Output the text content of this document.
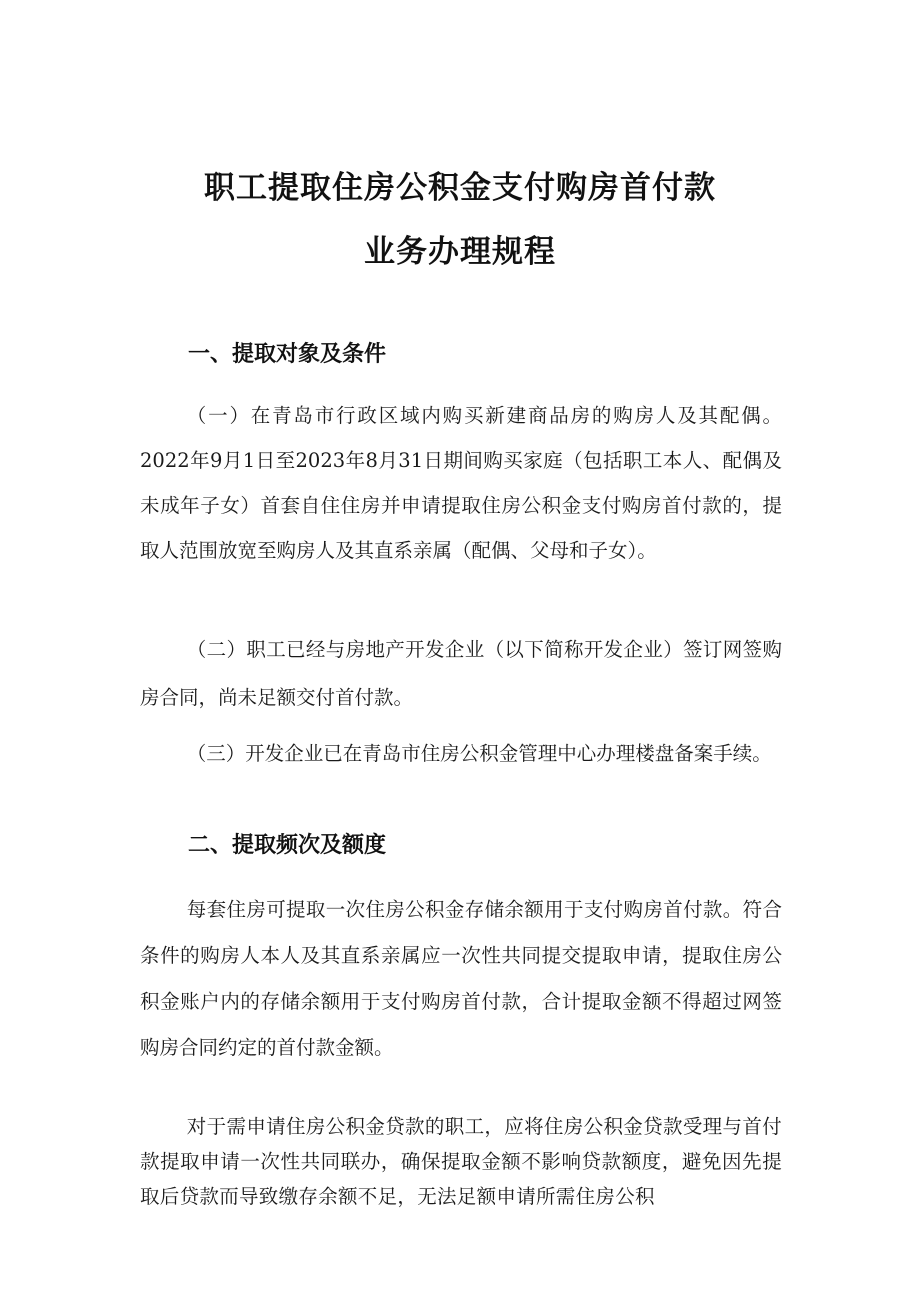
职工提取住房公积金支付购房首付款
业务办理规程
一、提取对象及条件
（一）在青岛市行政区域内购买新建商品房的购房人及其配偶。2022年9月1日至2023年8月31日期间购买家庭（包括职工本人、配偶及未成年子女）首套自住住房并申请提取住房公积金支付购房首付款的，提取人范围放宽至购房人及其直系亲属（配偶、父母和子女）。
（二）职工已经与房地产开发企业（以下简称开发企业）签订网签购房合同，尚未足额交付首付款。
（三）开发企业已在青岛市住房公积金管理中心办理楼盘备案手续。
二、提取频次及额度
每套住房可提取一次住房公积金存储余额用于支付购房首付款。符合条件的购房人本人及其直系亲属应一次性共同提交提取申请，提取住房公积金账户内的存储余额用于支付购房首付款，合计提取金额不得超过网签购房合同约定的首付款金额。
对于需申请住房公积金贷款的职工，应将住房公积金贷款受理与首付款提取申请一次性共同联办，确保提取金额不影响贷款额度，避免因先提取后贷款而导致缴存余额不足，无法足额申请所需住房公积
